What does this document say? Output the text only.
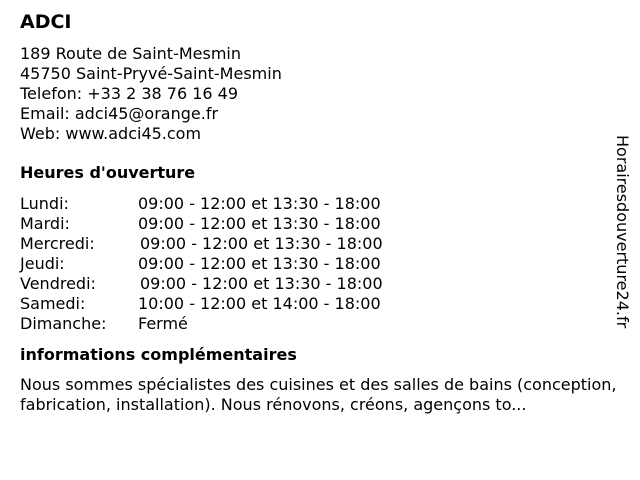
ADCI
189 Route de Saint-Mesmin
45750 Saint-Pryvé-Saint-Mesmin
Telefon: +33 2 38 76 16 49
Email: adci45@orange.fr
Web: www.adci45.com
Heures d'ouverture
Lundi:	09:00 - 12:00 et 13:30 - 18:00
Mardi:	09:00 - 12:00 et 13:30 - 18:00
Mercredi:	09:00 - 12:00 et 13:30 - 18:00
Jeudi:	09:00 - 12:00 et 13:30 - 18:00
Vendredi:	09:00 - 12:00 et 13:30 - 18:00
Samedi:	10:00 - 12:00 et 14:00 - 18:00
Dimanche:	Fermé
informations complémentaires

Nous sommes spécialistes des cuisines et des salles de bains (conception, fabrication, installation). Nous rénovons, créons, agençons to...

Horairesdouverture24.fr
